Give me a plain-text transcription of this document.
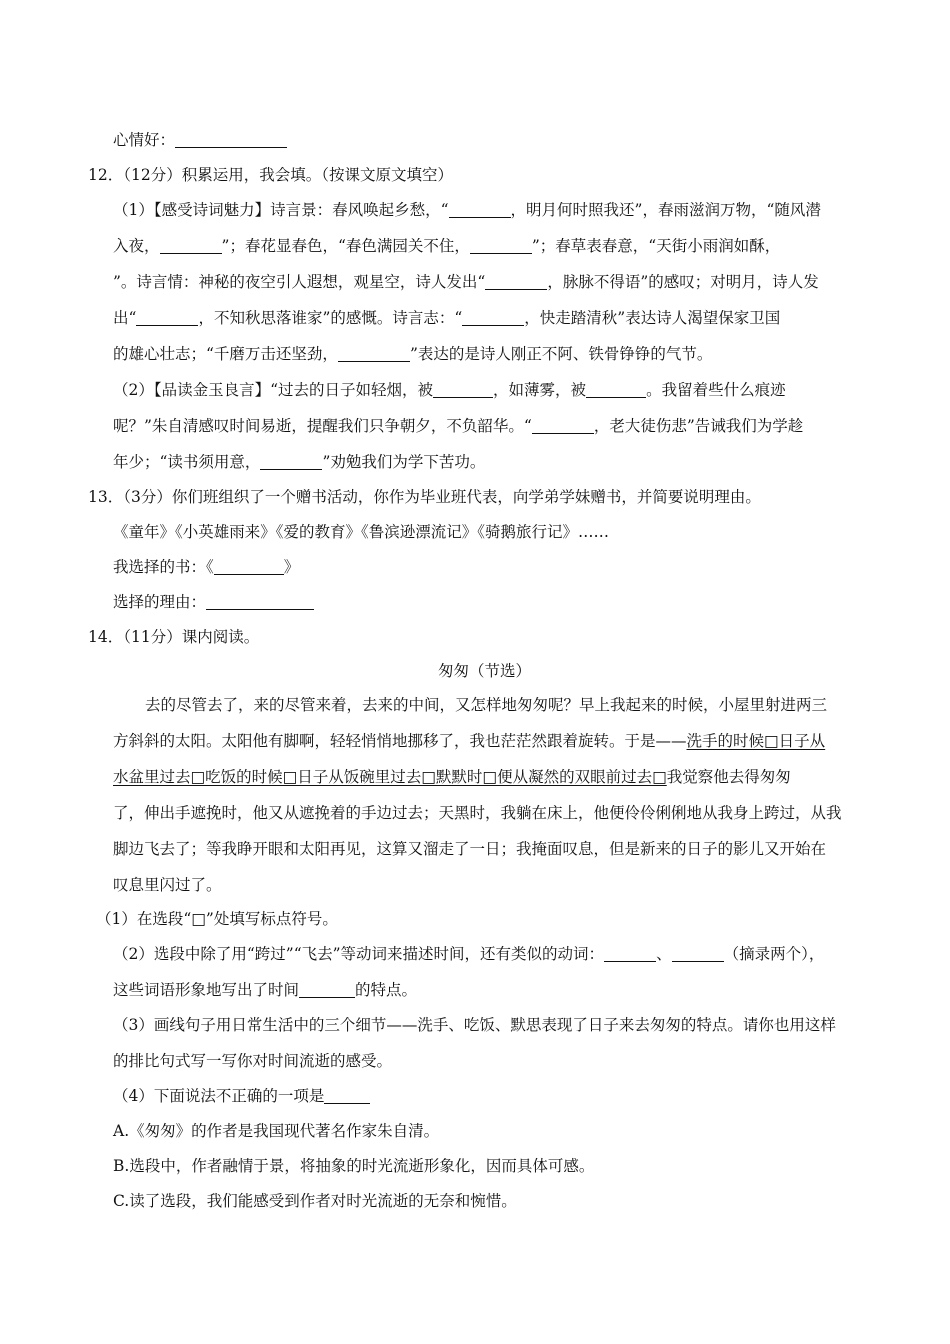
心情好：
12．（12分）积累运用，我会填。（按课文原文填空）
（1）【感受诗词魅力】诗言景：春风唤起乡愁，“	，明月何时照我还”，春雨滋润万物，“随风潜
入夜，	”；春花显春色，“春色满园关不住，	”；春草表春意，“天街小雨润如酥，
”。诗言情：神秘的夜空引人遐想，观星空，诗人发出“	，脉脉不得语”的感叹；对明月，诗人发
出“	，不知秋思落谁家”的感慨。诗言志：“	，快走踏清秋”表达诗人渴望保家卫国
的雄心壮志；“千磨万击还坚劲，	”表达的是诗人刚正不阿、铁骨铮铮的气节。
（2）【品读金玉良言】“过去的日子如轻烟，被	，如薄雾，被	。我留着些什么痕迹
呢？”朱自清感叹时间易逝，提醒我们只争朝夕，不负韶华。“	，老大徒伤悲”告诫我们为学趁
年少；“读书须用意，	”劝勉我们为学下苦功。
13．（3分）你们班组织了一个赠书活动，你作为毕业班代表，向学弟学妹赠书，并简要说明理由。
《童年》《小英雄雨来》《爱的教育》《鲁滨逊漂流记》《骑鹅旅行记》……
我选择的书：《	》
选择的理由：
14．（11分）课内阅读。
匆匆（节选）
去的尽管去了，来的尽管来着，去来的中间，又怎样地匆匆呢？早上我起来的时候，小屋里射进两三
方斜斜的太阳。太阳他有脚啊，轻轻悄悄地挪移了，我也茫茫然跟着旋转。于是——洗手的时候□日子从
水盆里过去□吃饭的时候□日子从饭碗里过去□默默时□便从凝然的双眼前过去□我觉察他去得匆匆
了，伸出手遮挽时，他又从遮挽着的手边过去；天黑时，我躺在床上，他便伶伶俐俐地从我身上跨过，从我
脚边飞去了；等我睁开眼和太阳再见，这算又溜走了一日；我掩面叹息，但是新来的日子的影儿又开始在
叹息里闪过了。
（1）在选段“□”处填写标点符号。
（2）选段中除了用“跨过”“飞去”等动词来描述时间，还有类似的动词：	、	（摘录两个），
这些词语形象地写出了时间	的特点。
（3）画线句子用日常生活中的三个细节——洗手、吃饭、默思表现了日子来去匆匆的特点。请你也用这样
的排比句式写一写你对时间流逝的感受。
（4）下面说法不正确的一项是
A.《匆匆》的作者是我国现代著名作家朱自清。
B.选段中，作者融情于景，将抽象的时光流逝形象化，因而具体可感。
C.读了选段，我们能感受到作者对时光流逝的无奈和惋惜。
